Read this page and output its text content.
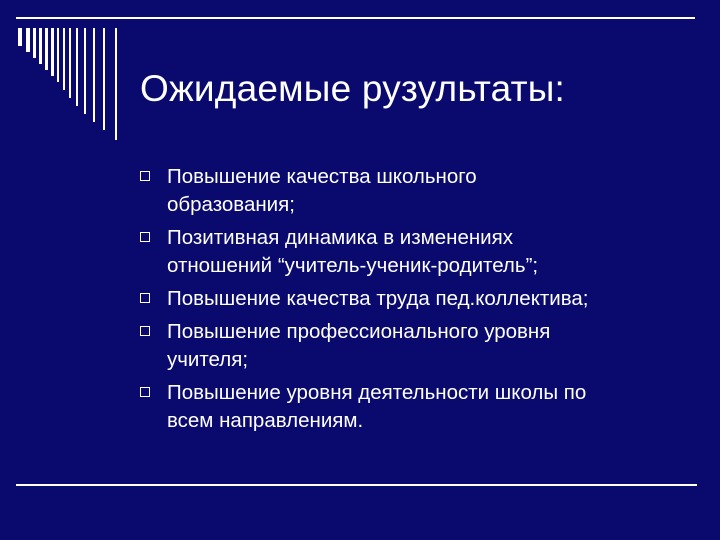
Ожидаемые рузультаты:
Повышение качества школьного
образования;
Позитивная динамика в изменениях
отношений “учитель-ученик-родитель”;
Повышение качества труда пед.коллектива;
Повышение профессионального уровня
учителя;
Повышение уровня деятельности школы по
всем направлениям.
